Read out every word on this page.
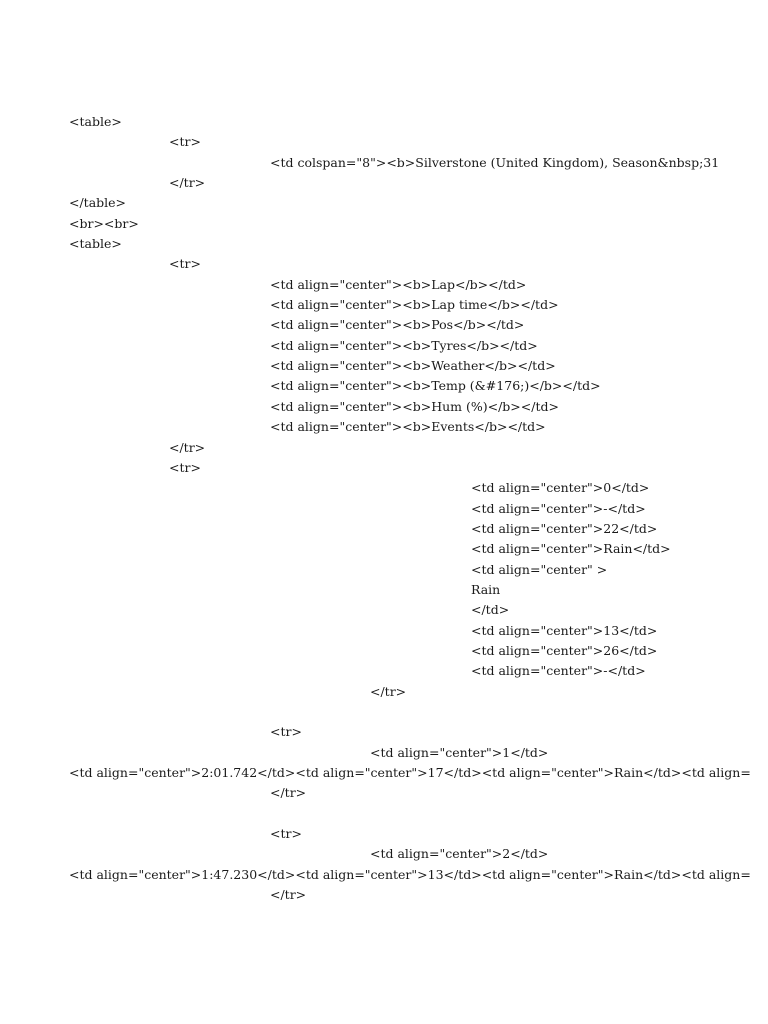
<table>
<tr>
<td colspan="8"><b>Silverstone (United Kingdom), Season&nbsp;31
</tr>
</table>
<br><br>
<table>
<tr>
<td align="center"><b>Lap</b></td>
<td align="center"><b>Lap time</b></td>
<td align="center"><b>Pos</b></td>
<td align="center"><b>Tyres</b></td>
<td align="center"><b>Weather</b></td>
<td align="center"><b>Temp (&#176;)</b></td>
<td align="center"><b>Hum (%)</b></td>
<td align="center"><b>Events</b></td>
</tr>
<tr>
<td align="center">0</td>
<td align="center">-</td>
<td align="center">22</td>
<td align="center">Rain</td>
<td align="center" >
Rain
</td>
<td align="center">13</td>
<td align="center">26</td>
<td align="center">-</td>
</tr>
<tr>
<td align="center">1</td>
<td align="center">2:01.742</td><td align="center">17</td><td align="center">Rain</td><td align=
</tr>
<tr>
<td align="center">2</td>
<td align="center">1:47.230</td><td align="center">13</td><td align="center">Rain</td><td align=
</tr>
